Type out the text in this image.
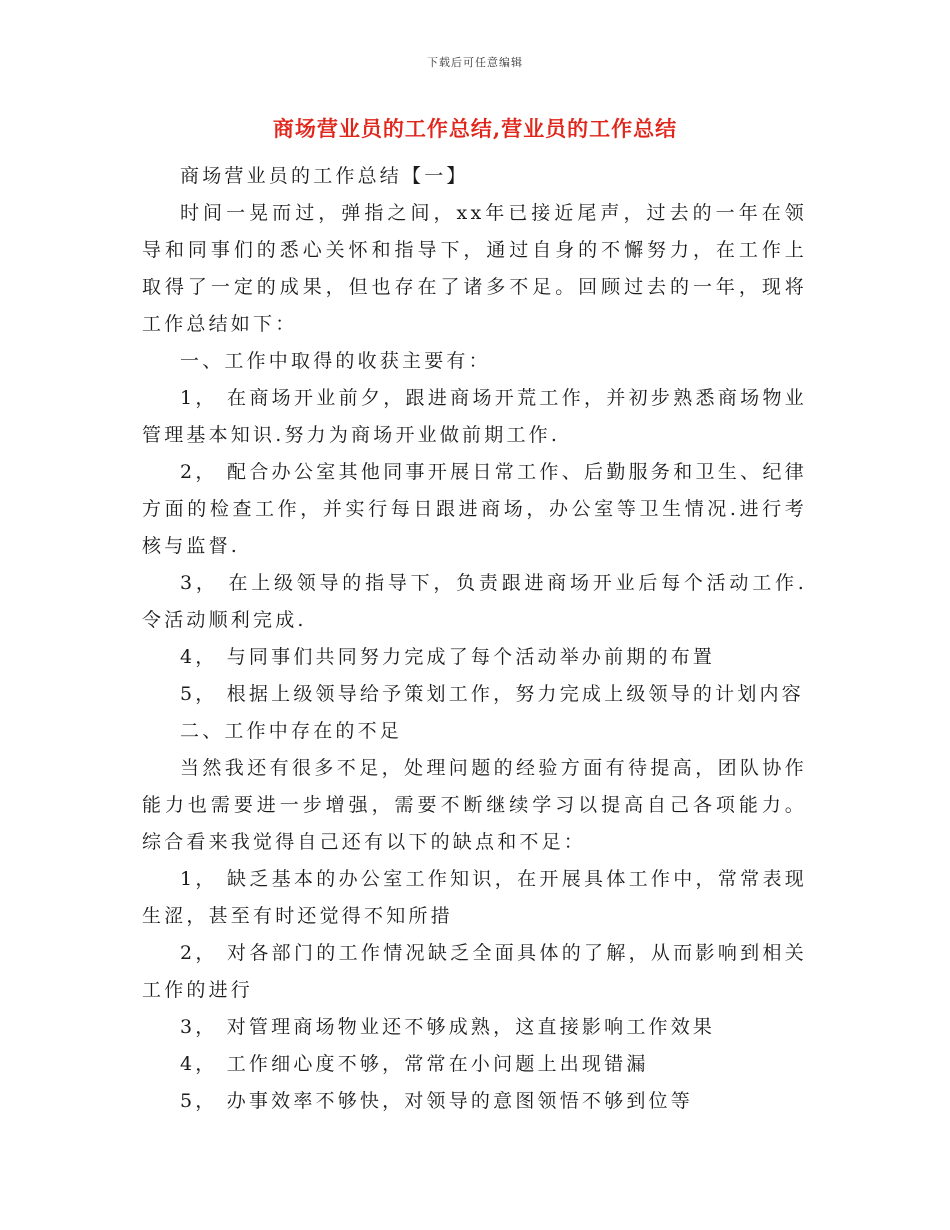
下载后可任意编辑
商场营业员的工作总结,营业员的工作总结

商场营业员的工作总结【一】

时间一晃而过，弹指之间，xx年已接近尾声，过去的一年在领导和同事们的悉心关怀和指导下，通过自身的不懈努力，在工作上取得了一定的成果，但也存在了诸多不足。回顾过去的一年，现将工作总结如下：

一、工作中取得的收获主要有：

1， 在商场开业前夕，跟进商场开荒工作，并初步熟悉商场物业管理基本知识.努力为商场开业做前期工作.

2， 配合办公室其他同事开展日常工作、后勤服务和卫生、纪律方面的检查工作，并实行每日跟进商场，办公室等卫生情况.进行考核与监督.

3， 在上级领导的指导下，负责跟进商场开业后每个活动工作.令活动顺利完成.

4， 与同事们共同努力完成了每个活动举办前期的布置

5， 根据上级领导给予策划工作，努力完成上级领导的计划内容

二、工作中存在的不足

当然我还有很多不足，处理问题的经验方面有待提高，团队协作能力也需要进一步增强，需要不断继续学习以提高自己各项能力。综合看来我觉得自己还有以下的缺点和不足：

1， 缺乏基本的办公室工作知识，在开展具体工作中，常常表现生涩，甚至有时还觉得不知所措

2， 对各部门的工作情况缺乏全面具体的了解，从而影响到相关工作的进行

3， 对管理商场物业还不够成熟，这直接影响工作效果

4， 工作细心度不够，常常在小问题上出现错漏

5， 办事效率不够快，对领导的意图领悟不够到位等
